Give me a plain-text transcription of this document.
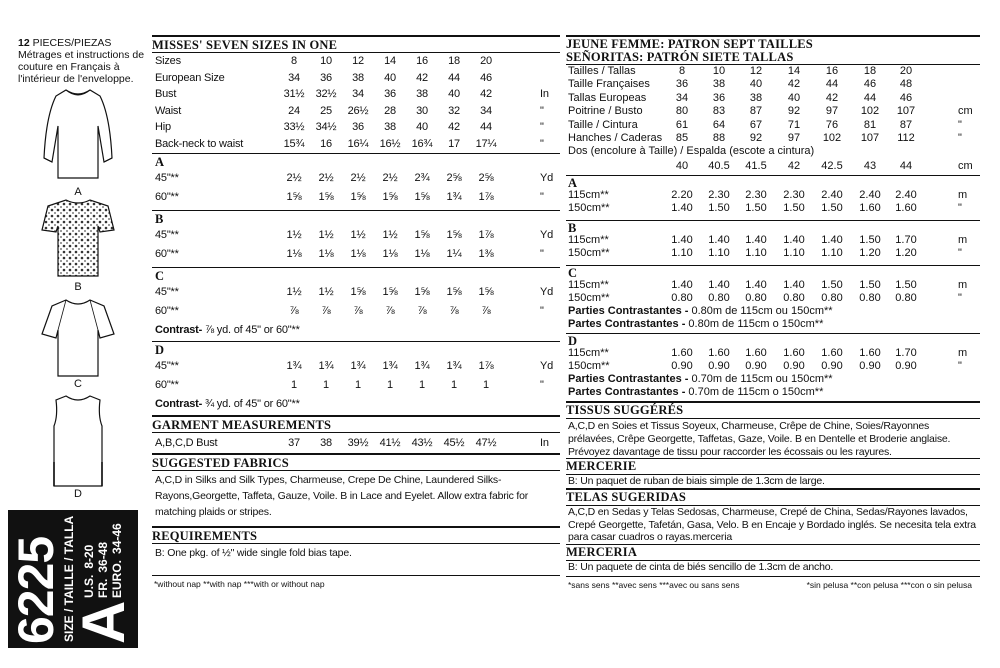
12 PIECES/PIEZAS
Métrages et instructions de couture en Français à l'intérieur de l'enveloppe.
A
B
C
D
6225
SIZE / TAILLE / TALLA
A
U.S.8-20
FR.36-48
EURO.34-46
MISSES' SEVEN SIZES IN ONE
Sizes	8	10	12	14	16	18	20
European Size	34	36	38	40	42	44	46
Bust	31½	32½	34	36	38	40	42	In
Waist	24	25	26½	28	30	32	34	"
Hip	33½	34½	36	38	40	42	44	"
Back-neck to waist	15¾	16	16¼	16½	16¾	17	17¼	"
A
45"**	2½	2½	2½	2½	2¾	2⅝	2⅝	Yd
60"**	1⅝	1⅝	1⅝	1⅝	1⅝	1¾	1⅞	"
B
45"**	1½	1½	1½	1½	1⅝	1⅝	1⅞	Yd
60"**	1⅛	1⅛	1⅛	1⅛	1⅛	1¼	1⅜	"
C
45"**	1½	1½	1⅝	1⅝	1⅝	1⅝	1⅝	Yd
60"**	⅞	⅞	⅞	⅞	⅞	⅞	⅞	"
Contrast- ⅞ yd. of 45" or 60"**
D
45"**	1¾	1¾	1¾	1¾	1¾	1¾	1⅞	Yd
60"**	1	1	1	1	1	1	1	"
Contrast- ¾ yd. of 45" or 60"**
GARMENT MEASUREMENTS
A,B,C,D Bust	37	38	39½	41½	43½	45½	47½	In
SUGGESTED FABRICS
A,C,D in Silks and Silk Types, Charmeuse, Crepe De Chine, Laundered Silks-Rayons,Georgette, Taffeta, Gauze, Voile. B in Lace and Eyelet. Allow extra fabric for matching plaids or stripes.
REQUIREMENTS
B: One pkg. of ½" wide single fold bias tape.
*without nap **with nap ***with or without nap
JEUNE FEMME: PATRON SEPT TAILLES
SEÑORITAS: PATRÓN SIETE TALLAS
Tailles / Tallas	8	10	12	14	16	18	20
Taille Françaises	36	38	40	42	44	46	48
Tallas Europeas	34	36	38	40	42	44	46
Poitrine / Busto	80	83	87	92	97	102	107	cm
Taille / Cintura	61	64	67	71	76	81	87	"
Hanches / Caderas	85	88	92	97	102	107	112	"
Dos (encolure à Taille) / Espalda (escote a cintura)
40	40.5	41.5	42	42.5	43	44	cm
A
115cm**	2.20	2.30	2.30	2.30	2.40	2.40	2.40	m
150cm**	1.40	1.50	1.50	1.50	1.50	1.60	1.60	"
B
115cm**	1.40	1.40	1.40	1.40	1.40	1.50	1.70	m
150cm**	1.10	1.10	1.10	1.10	1.10	1.20	1.20	"
C
115cm**	1.40	1.40	1.40	1.40	1.50	1.50	1.50	m
150cm**	0.80	0.80	0.80	0.80	0.80	0.80	0.80	"
Parties Contrastantes - 0.80m de 115cm ou 150cm**
Partes Contrastantes - 0.80m de 115cm o 150cm**
D
115cm**	1.60	1.60	1.60	1.60	1.60	1.60	1.70	m
150cm**	0.90	0.90	0.90	0.90	0.90	0.90	0.90	"
Parties Contrastantes - 0.70m de 115cm ou 150cm**
Partes Contrastantes - 0.70m de 115cm o 150cm**
TISSUS SUGGÉRÉS
A,C,D en Soies et Tissus Soyeux, Charmeuse, Crêpe de Chine, Soies/Rayonnes prélavées, Crêpe Georgette, Taffetas, Gaze, Voile. B en Dentelle et Broderie anglaise. Prévoyez davantage de tissu pour raccorder les écossais ou les rayures.
MERCERIE
B: Un paquet de ruban de biais simple de 1.3cm de large.
TELAS SUGERIDAS
A,C,D en Sedas y Telas Sedosas, Charmeuse, Crepé de China, Sedas/Rayones lavados, Crepé Georgette, Tafetán, Gasa, Velo. B en Encaje y Bordado inglés. Se necesita tela extra para casar cuadros o rayas.merceria
MERCERIA
B: Un paquete de cinta de biés sencillo de 1.3cm de ancho.
*sans sens **avec sens ***avec ou sans sens	*sin pelusa **con pelusa ***con o sin pelusa
